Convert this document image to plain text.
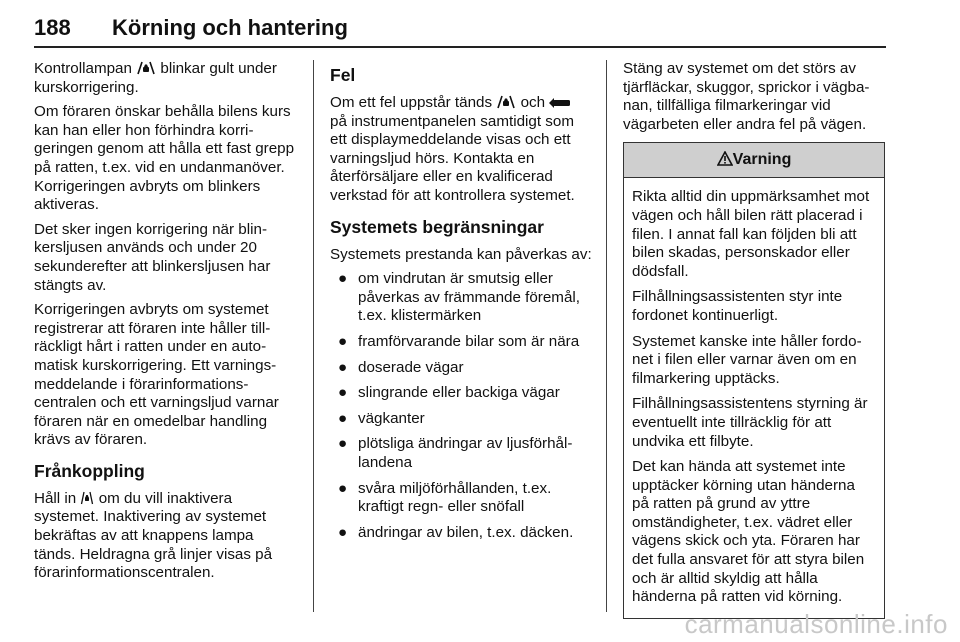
188 Körning och hantering

Kontrollampan blinkar gult under kurskorrigering.

Om föraren önskar behålla bilens kurs kan han eller hon förhindra korrigeringen genom att hålla ett fast grepp på ratten, t.ex. vid en undanmanöver. Korrigeringen avbryts om blinkers aktiveras.

Det sker ingen korrigering när blinkersljusen används och under 20 sekunderefter att blinkersljusen har stängts av.

Korrigeringen avbryts om systemet registrerar att föraren inte håller tillräckligt hårt i ratten under en automatisk kurskorrigering. Ett varningsmeddelande i förarinformationscentralen och ett varningsljud varnar föraren när en omedelbar handling krävs av föraren.

Frånkoppling

Håll in om du vill inaktivera systemet. Inaktivering av systemet bekräftas av att knappens lampa tänds. Heldragna grå linjer visas på förarinformationscentralen.

Fel

Om ett fel uppstår tänds och  på instrumentpanelen samtidigt som ett displaymeddelande visas och ett varningsljud hörs. Kontakta en återförsäljare eller en kvalificerad verkstad för att kontrollera systemet.

Systemets begränsningar

Systemets prestanda kan påverkas av:

● om vindrutan är smutsig eller påverkas av främmande föremål, t.ex. klistermärken
● framförvarande bilar som är nära
● doserade vägar
● slingrande eller backiga vägar
● vägkanter
● plötsliga ändringar av ljusförhållandena
● svåra miljöförhållanden, t.ex. kraftigt regn- eller snöfall
● ändringar av bilen, t.ex. däcken.

Stäng av systemet om det störs av tjärfläckar, skuggor, sprickor i vägbanan, tillfälliga filmarkeringar vid vägarbeten eller andra fel på vägen.

Varning

Rikta alltid din uppmärksamhet mot vägen och håll bilen rätt placerad i filen. I annat fall kan följden bli att bilen skadas, personskador eller dödsfall.

Filhållningsassistenten styr inte fordonet kontinuerligt.

Systemet kanske inte håller fordonet i filen eller varnar även om en filmarkering upptäcks.

Filhållningsassistentens styrning är eventuellt inte tillräcklig för att undvika ett filbyte.

Det kan hända att systemet inte upptäcker körning utan händerna på ratten på grund av yttre omständigheter, t.ex. vädret eller vägens skick och yta. Föraren har det fulla ansvaret för att styra bilen och är alltid skyldig att hålla händerna på ratten vid körning.

carmanualsonline.info
